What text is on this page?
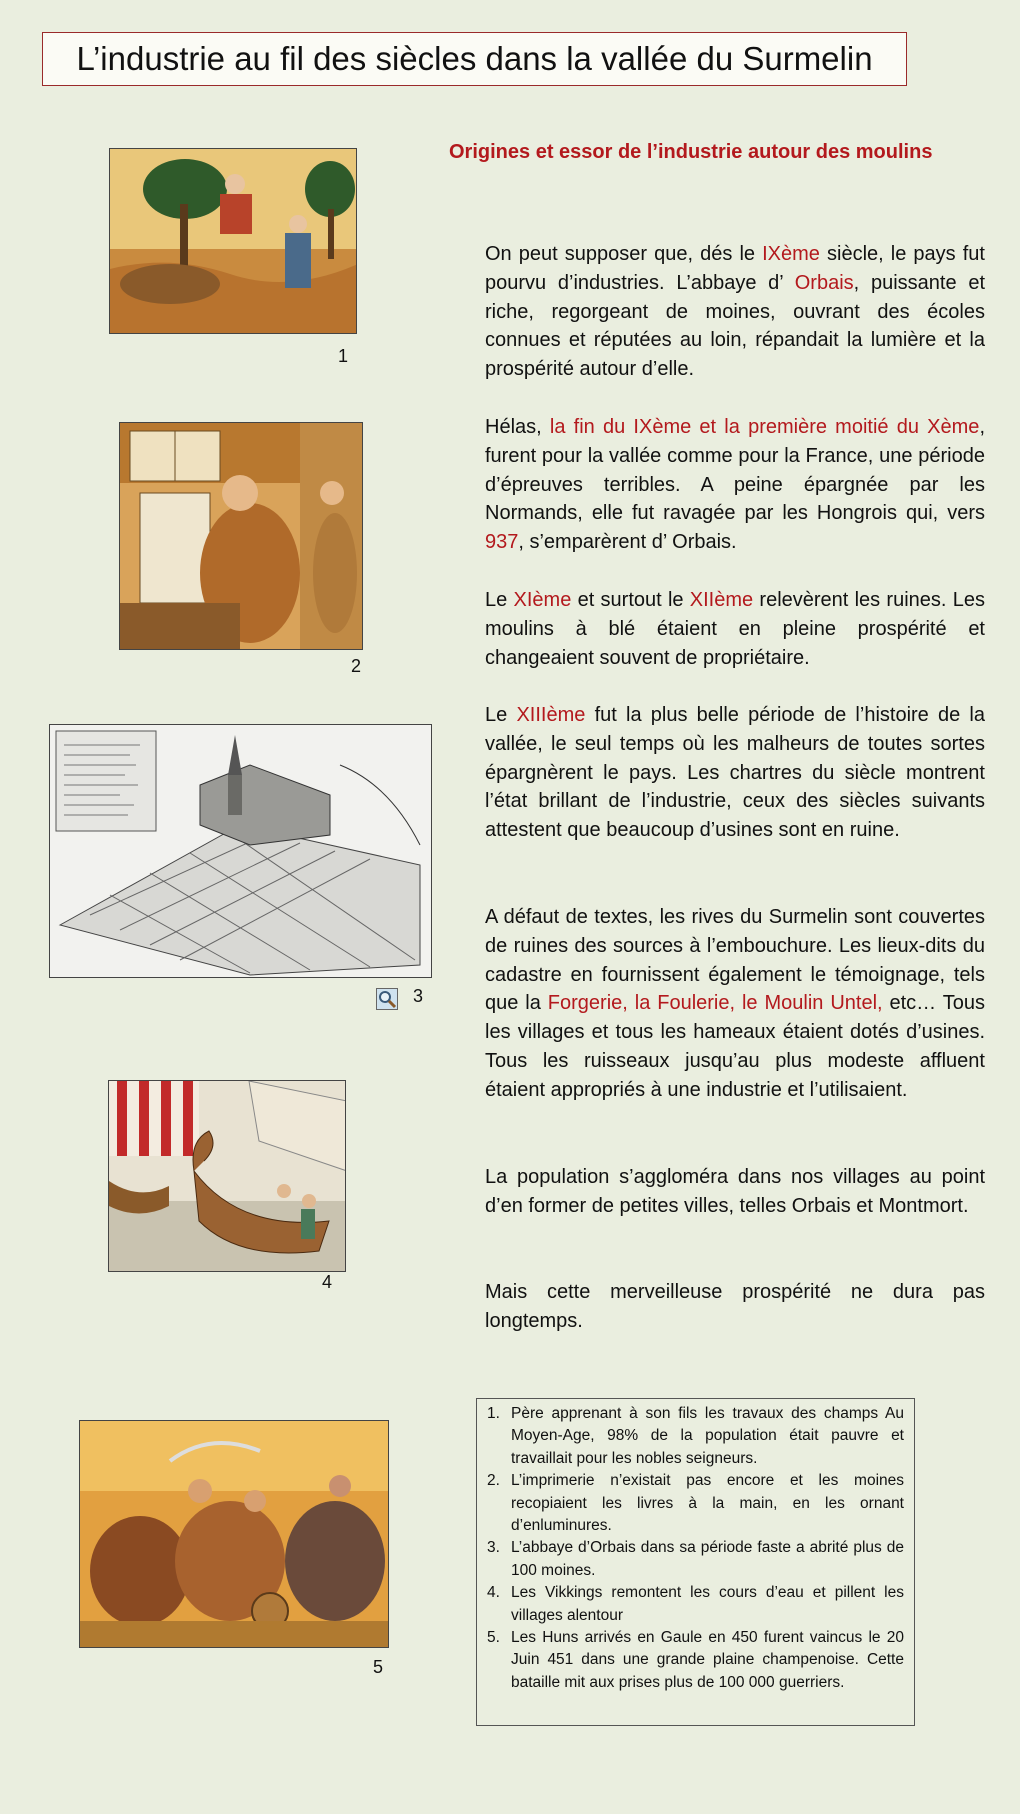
L’industrie au fil des siècles dans la vallée du Surmelin
Origines et essor de l’industrie autour des moulins
On peut supposer que, dés le IXème siècle, le pays fut pourvu d’industries. L’abbaye d’ Orbais, puissante et riche, regorgeant de moines, ouvrant des écoles connues et réputées au loin, répandait la lumière et la prospérité autour d’elle.
Hélas, la fin du IXème et la première moitié du Xème, furent pour la vallée comme pour la France, une période d’épreuves terribles. A peine épargnée par les Normands, elle fut ravagée par les Hongrois qui, vers 937, s’emparèrent d’ Orbais.
Le XIème et surtout le XIIème relevèrent les ruines. Les moulins à blé étaient en pleine prospérité et changeaient souvent de propriétaire.
Le XIIIème fut la plus belle période de l’histoire de la vallée, le seul temps où les malheurs de toutes sortes épargnèrent le pays. Les chartres du siècle montrent l’état brillant de l’industrie, ceux des siècles suivants attestent que beaucoup d’usines sont en ruine.
A défaut de textes, les rives du Surmelin sont couvertes de ruines des sources à l’embouchure. Les lieux-dits du cadastre en fournissent également le témoignage, tels que la Forgerie, la Foulerie, le Moulin Untel, etc… Tous les villages et tous les hameaux étaient dotés d’usines. Tous les ruisseaux jusqu’au plus modeste affluent étaient appropriés à une industrie et l’utilisaient.
La population s’aggloméra dans nos villages au point d’en former de petites villes, telles Orbais et Montmort.
Mais cette merveilleuse prospérité ne dura pas longtemps.
1
2
3
4
5
1. Père apprenant à son fils les travaux des champs Au Moyen-Age, 98% de la population était pauvre et travaillait pour les nobles seigneurs.
2. L’imprimerie n’existait pas encore et les moines recopiaient les livres à la main, en les ornant d’enluminures.
3. L’abbaye d’Orbais dans sa période faste a abrité plus de 100 moines.
4. Les Vikkings remontent les cours d’eau et pillent les villages alentour
5. Les Huns arrivés en Gaule en 450 furent vaincus le 20 Juin 451 dans une grande plaine champenoise. Cette bataille mit aux prises plus de 100 000 guerriers.
